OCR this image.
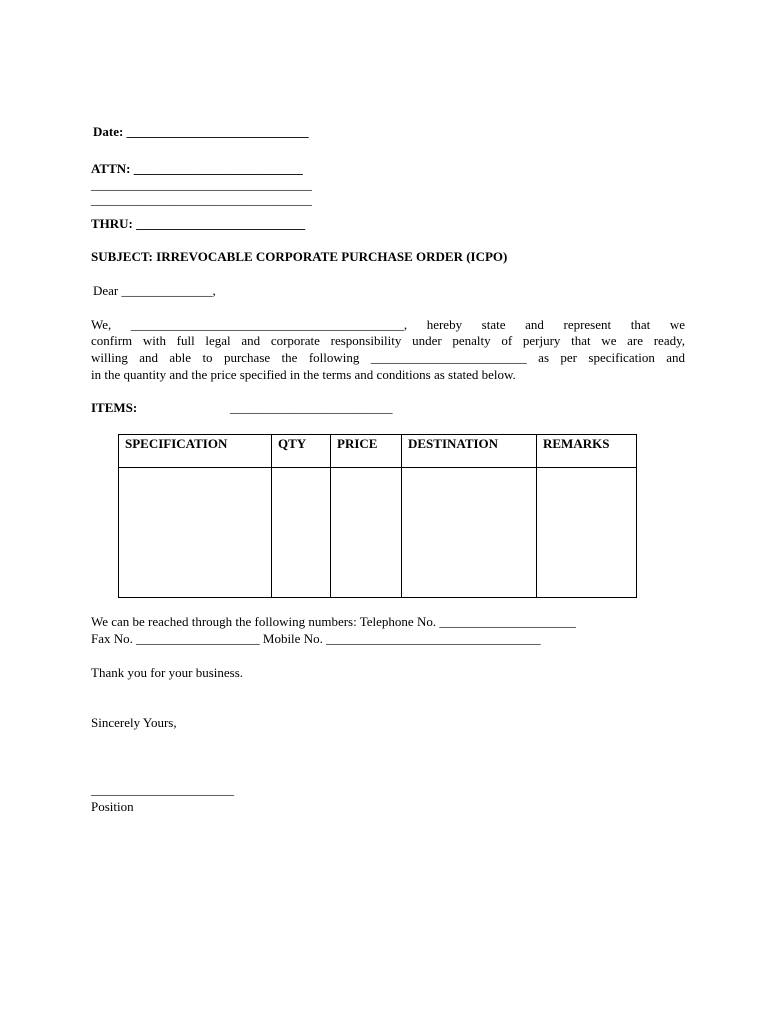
Date: ____________________________
ATTN: __________________________
__________________________________
__________________________________
THRU: __________________________
SUBJECT: IRREVOCABLE CORPORATE PURCHASE ORDER (ICPO)
Dear ______________,
We, __________________________________________, hereby state and represent that we
confirm with full legal and corporate responsibility under penalty of perjury that we are ready,
willing and able to purchase the following ________________________ as per specification and
in the quantity and the price specified in the terms and conditions as stated below.
ITEMS:	_________________________
SPECIFICATION	QTY	PRICE	DESTINATION	REMARKS

We can be reached through the following numbers: Telephone No. _____________________
Fax No. ___________________ Mobile No. _________________________________
Thank you for your business.
Sincerely Yours,
______________________
Position
